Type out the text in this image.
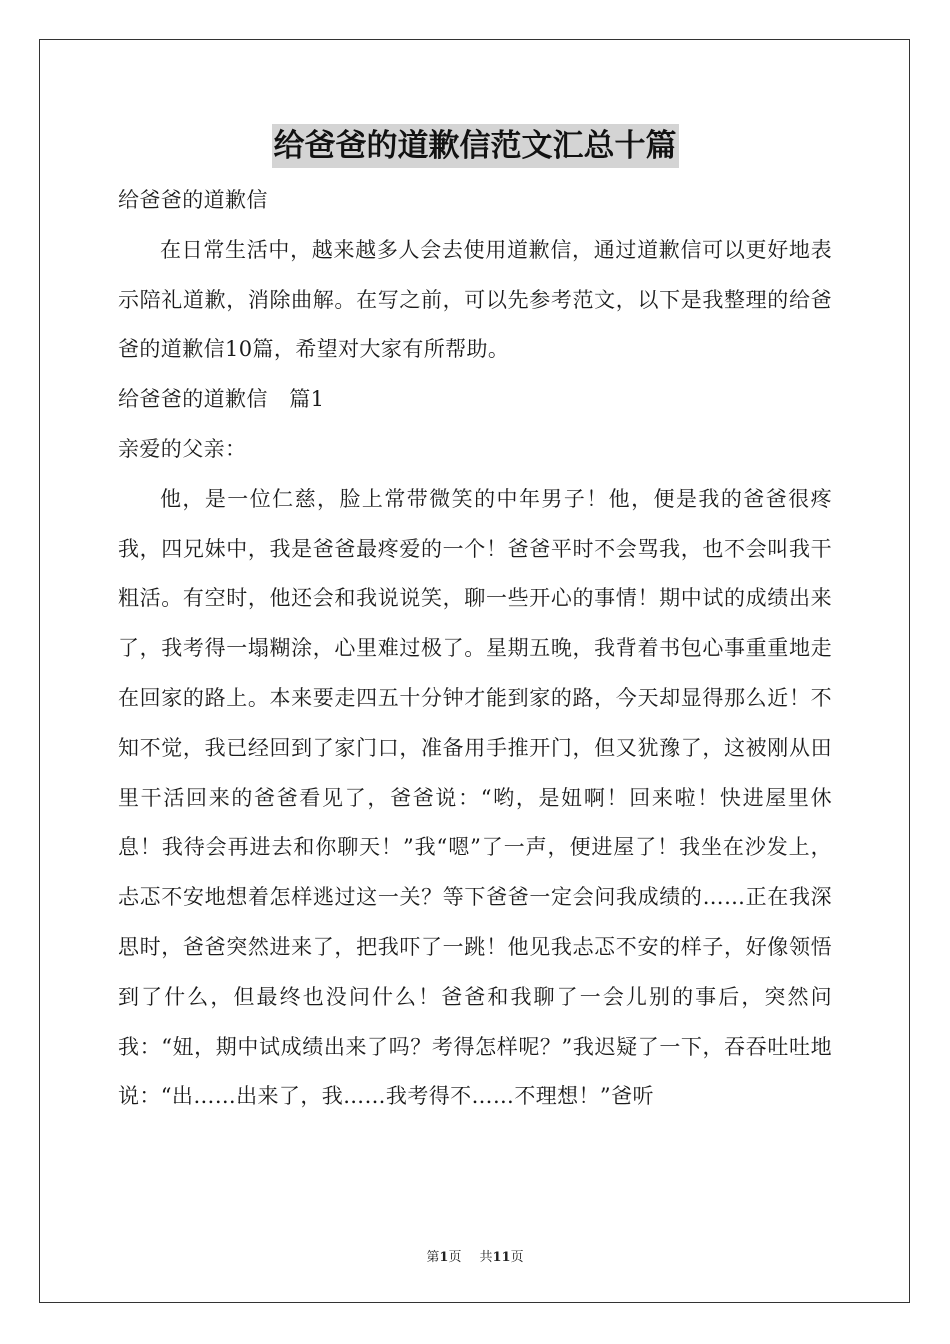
给爸爸的道歉信范文汇总十篇

给爸爸的道歉信

在日常生活中，越来越多人会去使用道歉信，通过道歉信可以更好地表示陪礼道歉，消除曲解。在写之前，可以先参考范文，以下是我整理的给爸爸的道歉信10篇，希望对大家有所帮助。

给爸爸的道歉信　篇1

亲爱的父亲：

他，是一位仁慈，脸上常带微笑的中年男子！他，便是我的爸爸很疼我，四兄妹中，我是爸爸最疼爱的一个！爸爸平时不会骂我，也不会叫我干粗活。有空时，他还会和我说说笑，聊一些开心的事情！期中试的成绩出来了，我考得一塌糊涂，心里难过极了。星期五晚，我背着书包心事重重地走在回家的路上。本来要走四五十分钟才能到家的路，今天却显得那么近！不知不觉，我已经回到了家门口，准备用手推开门，但又犹豫了，这被刚从田里干活回来的爸爸看见了，爸爸说：“哟，是妞啊！回来啦！快进屋里休息！我待会再进去和你聊天！”我“嗯”了一声，便进屋了！我坐在沙发上，忐忑不安地想着怎样逃过这一关？等下爸爸一定会问我成绩的……正在我深思时，爸爸突然进来了，把我吓了一跳！他见我忐忑不安的样子，好像领悟到了什么，但最终也没问什么！爸爸和我聊了一会儿别的事后，突然问我：“妞，期中试成绩出来了吗？考得怎样呢？”我迟疑了一下，吞吞吐吐地说：“出……出来了，我……我考得不……不理想！”爸听

第1页 共11页
